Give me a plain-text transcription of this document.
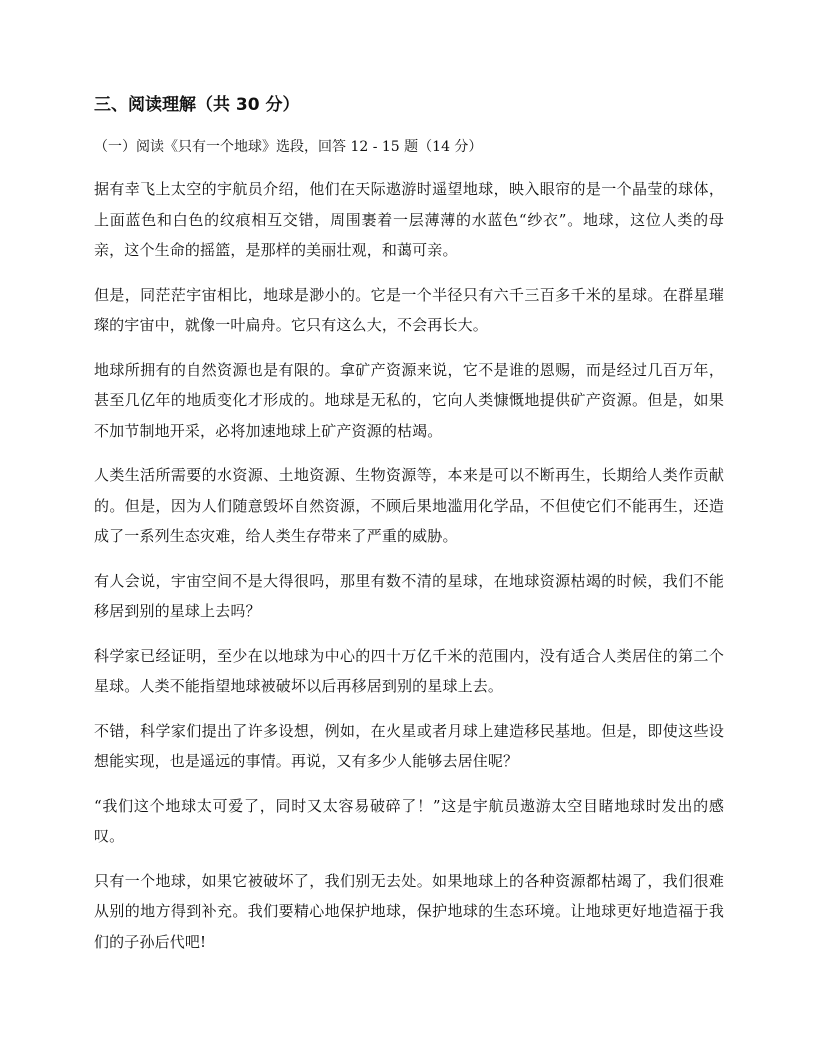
三、阅读理解（共 30 分）
（一）阅读《只有一个地球》选段，回答 12 - 15 题（14 分）

据有幸飞上太空的宇航员介绍，他们在天际遨游时遥望地球，映入眼帘的是一个晶莹的球体，上面蓝色和白色的纹痕相互交错，周围裹着一层薄薄的水蓝色“纱衣”。地球，这位人类的母亲，这个生命的摇篮，是那样的美丽壮观，和蔼可亲。

但是，同茫茫宇宙相比，地球是渺小的。它是一个半径只有六千三百多千米的星球。在群星璀璨的宇宙中，就像一叶扁舟。它只有这么大，不会再长大。

地球所拥有的自然资源也是有限的。拿矿产资源来说，它不是谁的恩赐，而是经过几百万年，甚至几亿年的地质变化才形成的。地球是无私的，它向人类慷慨地提供矿产资源。但是，如果不加节制地开采，必将加速地球上矿产资源的枯竭。

人类生活所需要的水资源、土地资源、生物资源等，本来是可以不断再生，长期给人类作贡献的。但是，因为人们随意毁坏自然资源，不顾后果地滥用化学品，不但使它们不能再生，还造成了一系列生态灾难，给人类生存带来了严重的威胁。

有人会说，宇宙空间不是大得很吗，那里有数不清的星球，在地球资源枯竭的时候，我们不能移居到别的星球上去吗？

科学家已经证明，至少在以地球为中心的四十万亿千米的范围内，没有适合人类居住的第二个星球。人类不能指望地球被破坏以后再移居到别的星球上去。

不错，科学家们提出了许多设想，例如，在火星或者月球上建造移民基地。但是，即使这些设想能实现，也是遥远的事情。再说，又有多少人能够去居住呢？

“我们这个地球太可爱了，同时又太容易破碎了！”这是宇航员遨游太空目睹地球时发出的感叹。

只有一个地球，如果它被破坏了，我们别无去处。如果地球上的各种资源都枯竭了，我们很难从别的地方得到补充。我们要精心地保护地球，保护地球的生态环境。让地球更好地造福于我们的子孙后代吧!
